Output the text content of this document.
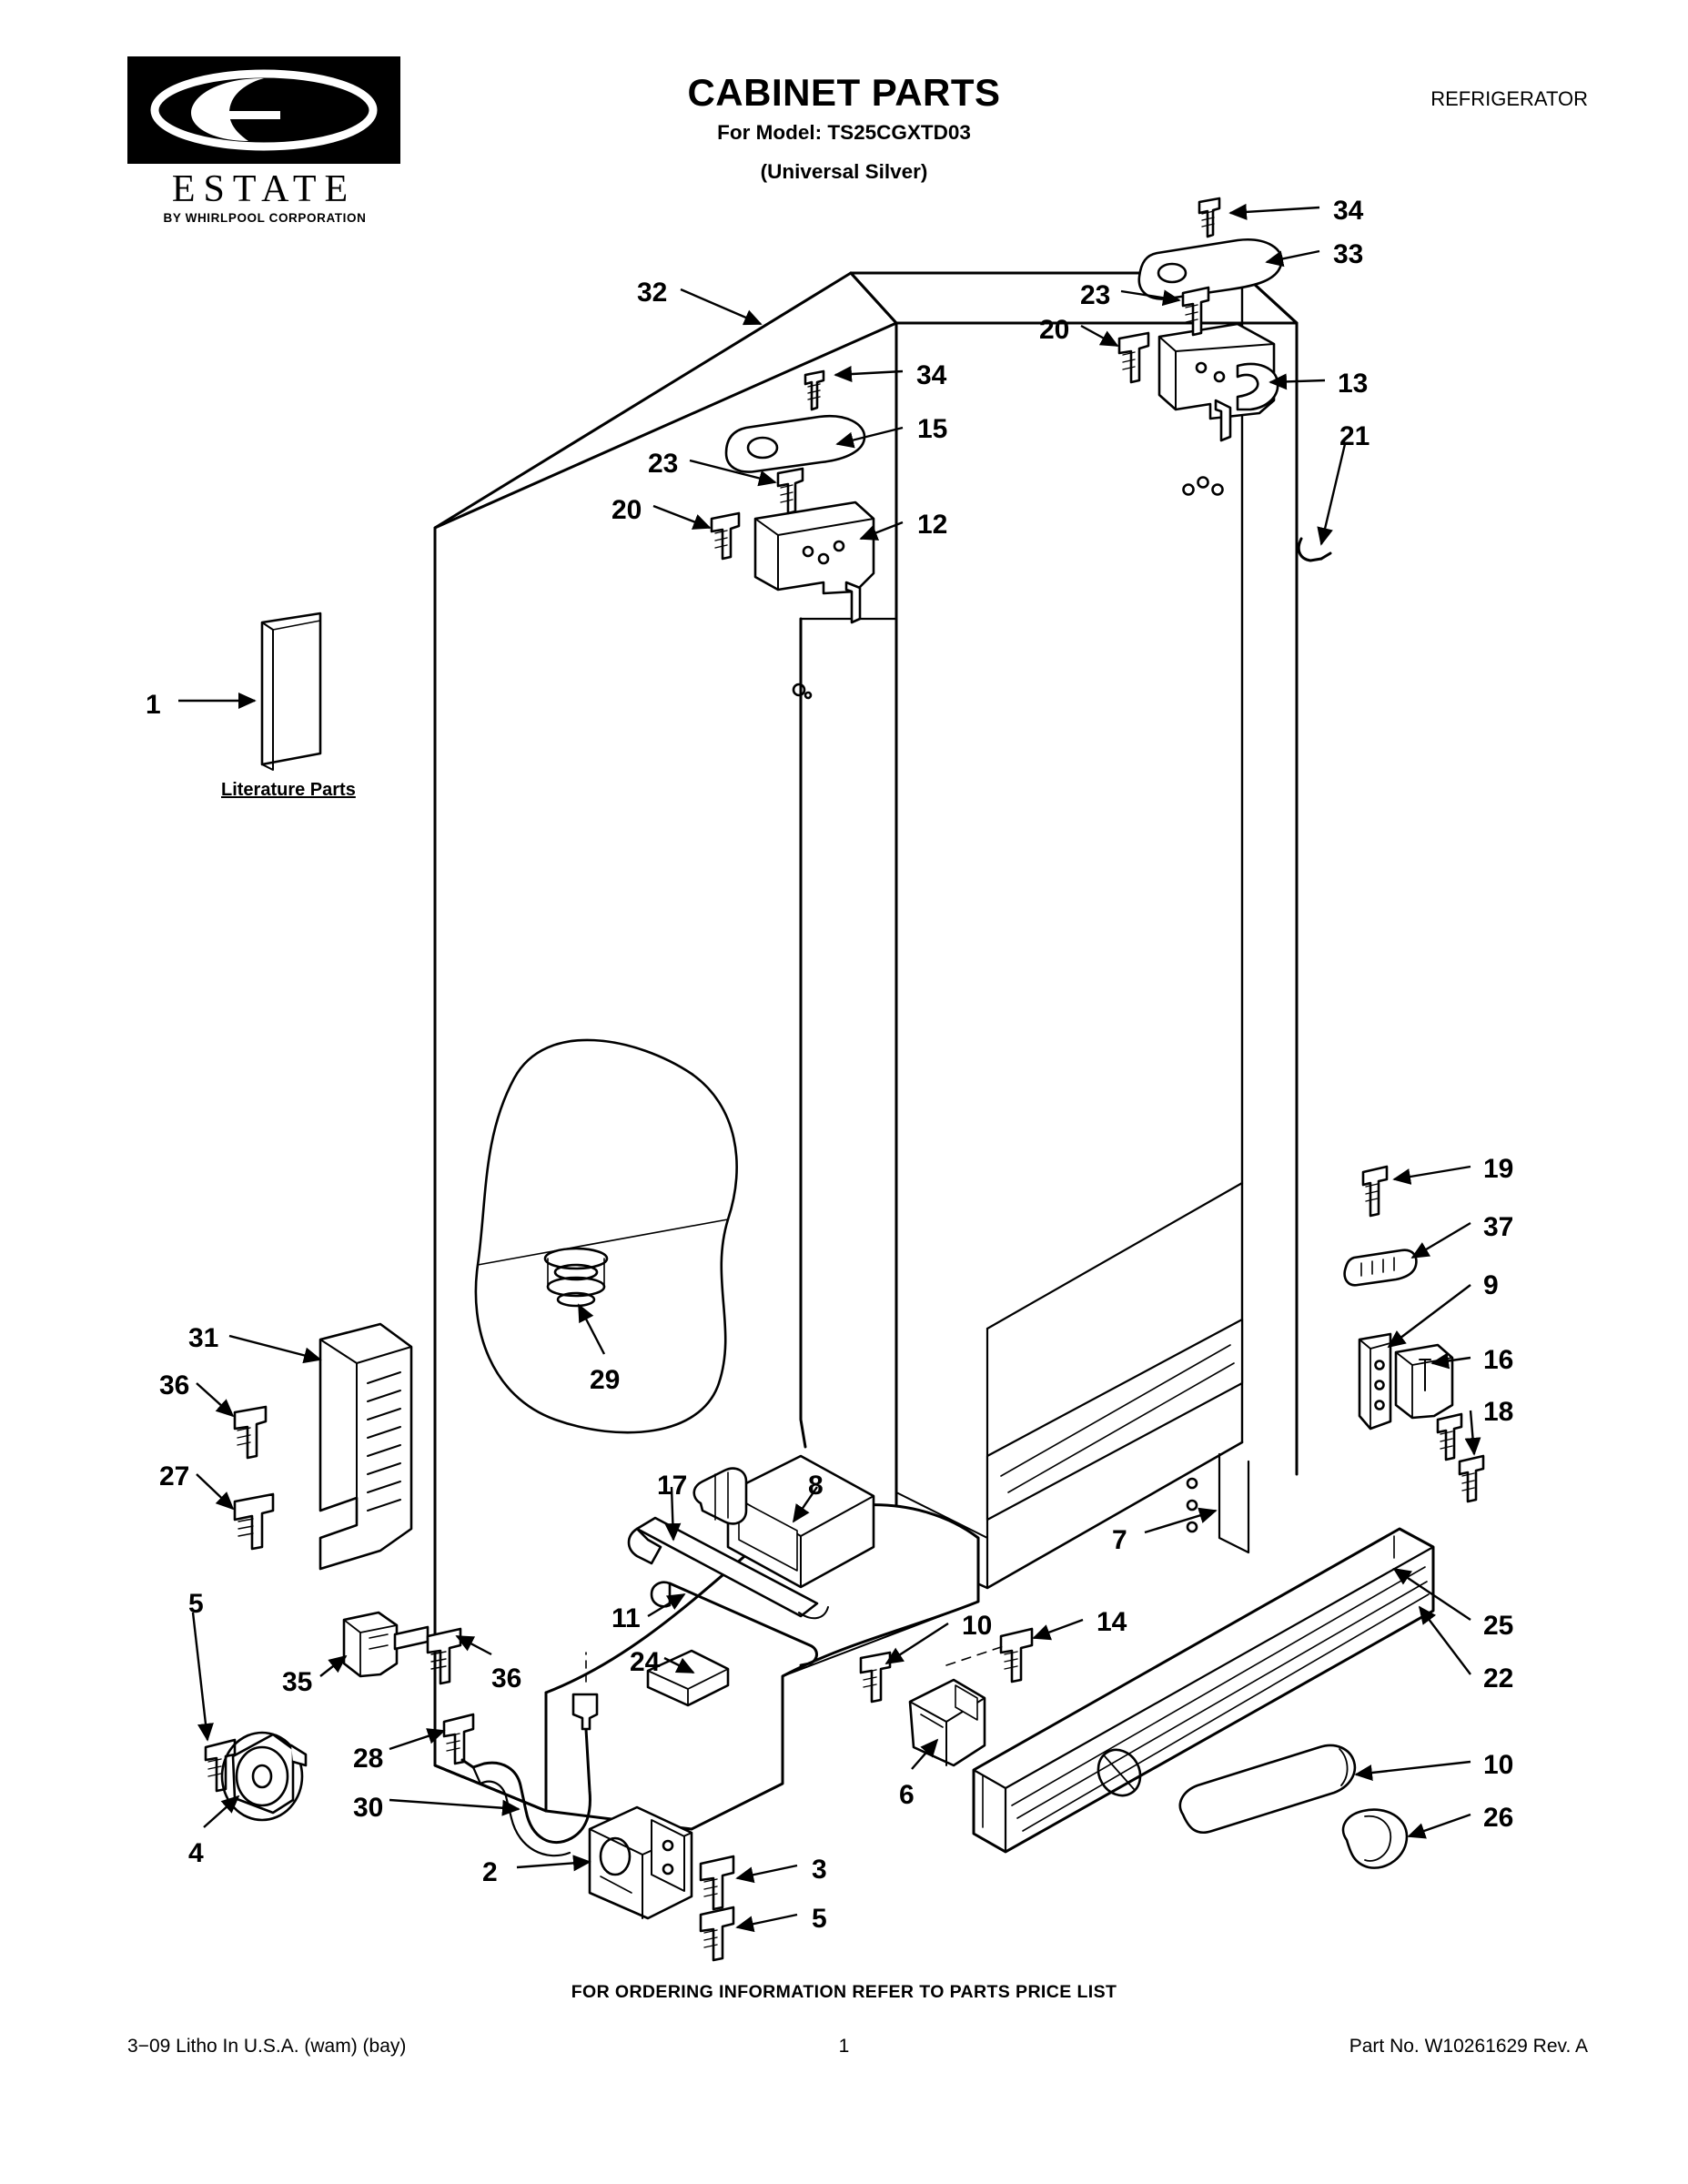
ESTATE
BY WHIRLPOOL CORPORATION
CABINET PARTS
For Model: TS25CGXTD03
(Universal Silver)
REFRIGERATOR
1
32
34
15
23
20	12
34
33
23
20
13
21
19
37
9
16
18
25
22
10
26
31
36
27
5
35	36
28
30
4
29
17	8
11
24
10	14
7
6
2	3
5
Literature Parts
FOR ORDERING INFORMATION REFER TO PARTS PRICE LIST
3−09 Litho In U.S.A. (wam) (bay)	1	Part No. W10261629 Rev. A
